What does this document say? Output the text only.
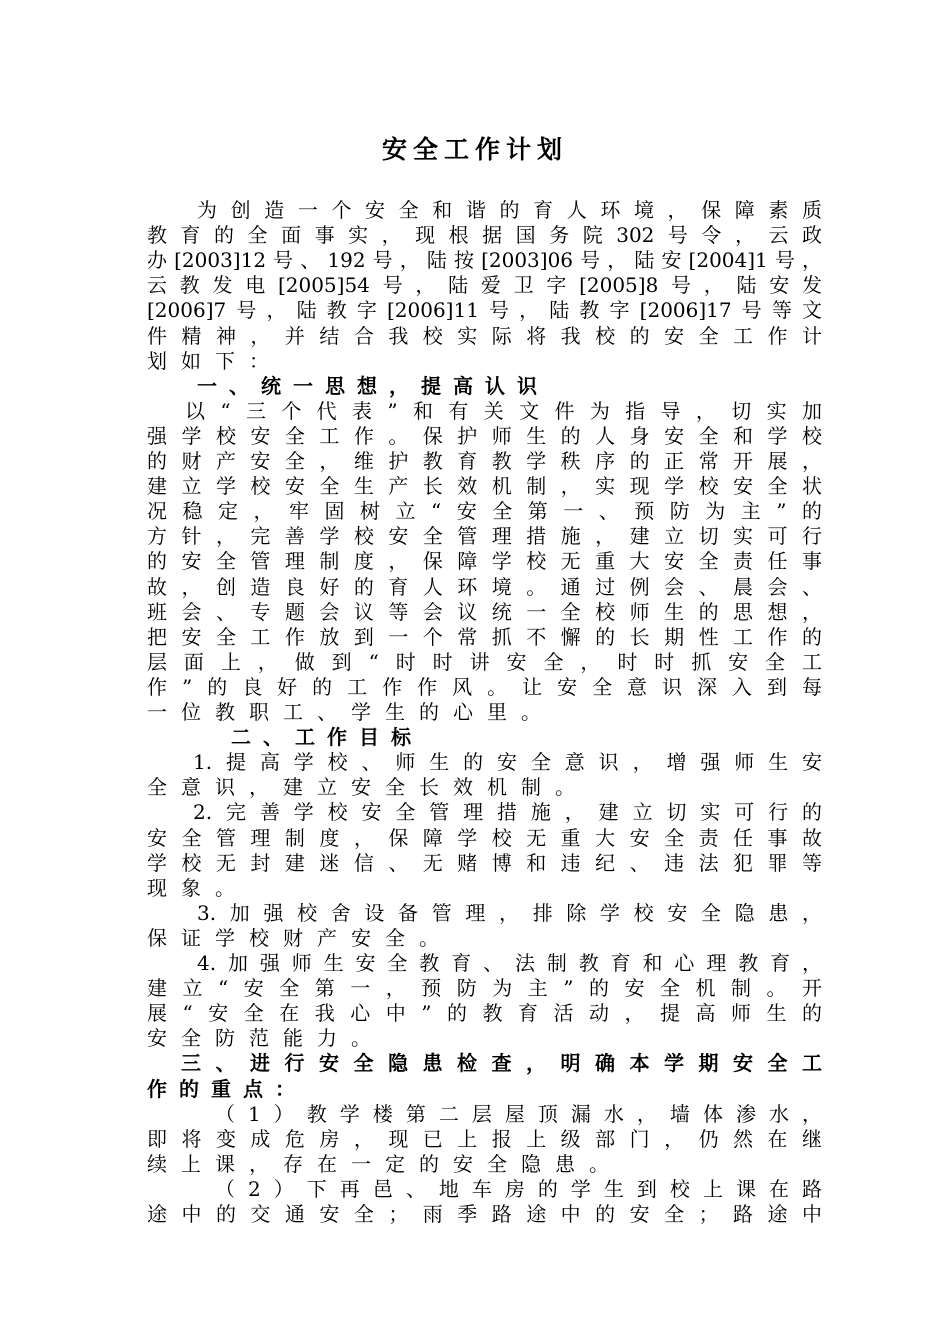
安全工作计划
为创造一个安全和谐的育人环境，保障素质
教育的全面事实，现根据国务院302号令，云政
办[2003]12号、192号，陆按[2003]06号，陆安[2004]1号，
云教发电[2005]54号，陆爱卫字[2005]8号，陆安发
[2006]7号，陆教字[2006]11号，陆教字[2006]17号等文
件精神，并结合我校实际将我校的安全工作计
划如下：
一、统一思想，提高认识
以“三个代表”和有关文件为指导，切实加
强学校安全工作。保护师生的人身安全和学校
的财产安全，维护教育教学秩序的正常开展，
建立学校安全生产长效机制，实现学校安全状
况稳定，牢固树立“安全第一、预防为主”的
方针，完善学校安全管理措施，建立切实可行
的安全管理制度，保障学校无重大安全责任事
故，创造良好的育人环境。通过例会、晨会、
班会、专题会议等会议统一全校师生的思想，
把安全工作放到一个常抓不懈的长期性工作的
层面上，做到“时时讲安全，时时抓安全工
作”的良好的工作作风。让安全意识深入到每
一位教职工、学生的心里。
二、工作目标
1.提高学校、师生的安全意识，增强师生安
全意识，建立安全长效机制。
2.完善学校安全管理措施，建立切实可行的
安全管理制度，保障学校无重大安全责任事故
学校无封建迷信、无赌博和违纪、违法犯罪等
现象。
3.加强校舍设备管理，排除学校安全隐患，
保证学校财产安全。
4.加强师生安全教育、法制教育和心理教育，
建立“安全第一，预防为主”的安全机制。开
展“安全在我心中”的教育活动，提高师生的
安全防范能力。
三、进行安全隐患检查，明确本学期安全工
作的重点：
（1）教学楼第二层屋顶漏水，墙体渗水，
即将变成危房，现已上报上级部门，仍然在继
续上课，存在一定的安全隐患。
（2）下再邑、地车房的学生到校上课在路
途中的交通安全；雨季路途中的安全；路途中
